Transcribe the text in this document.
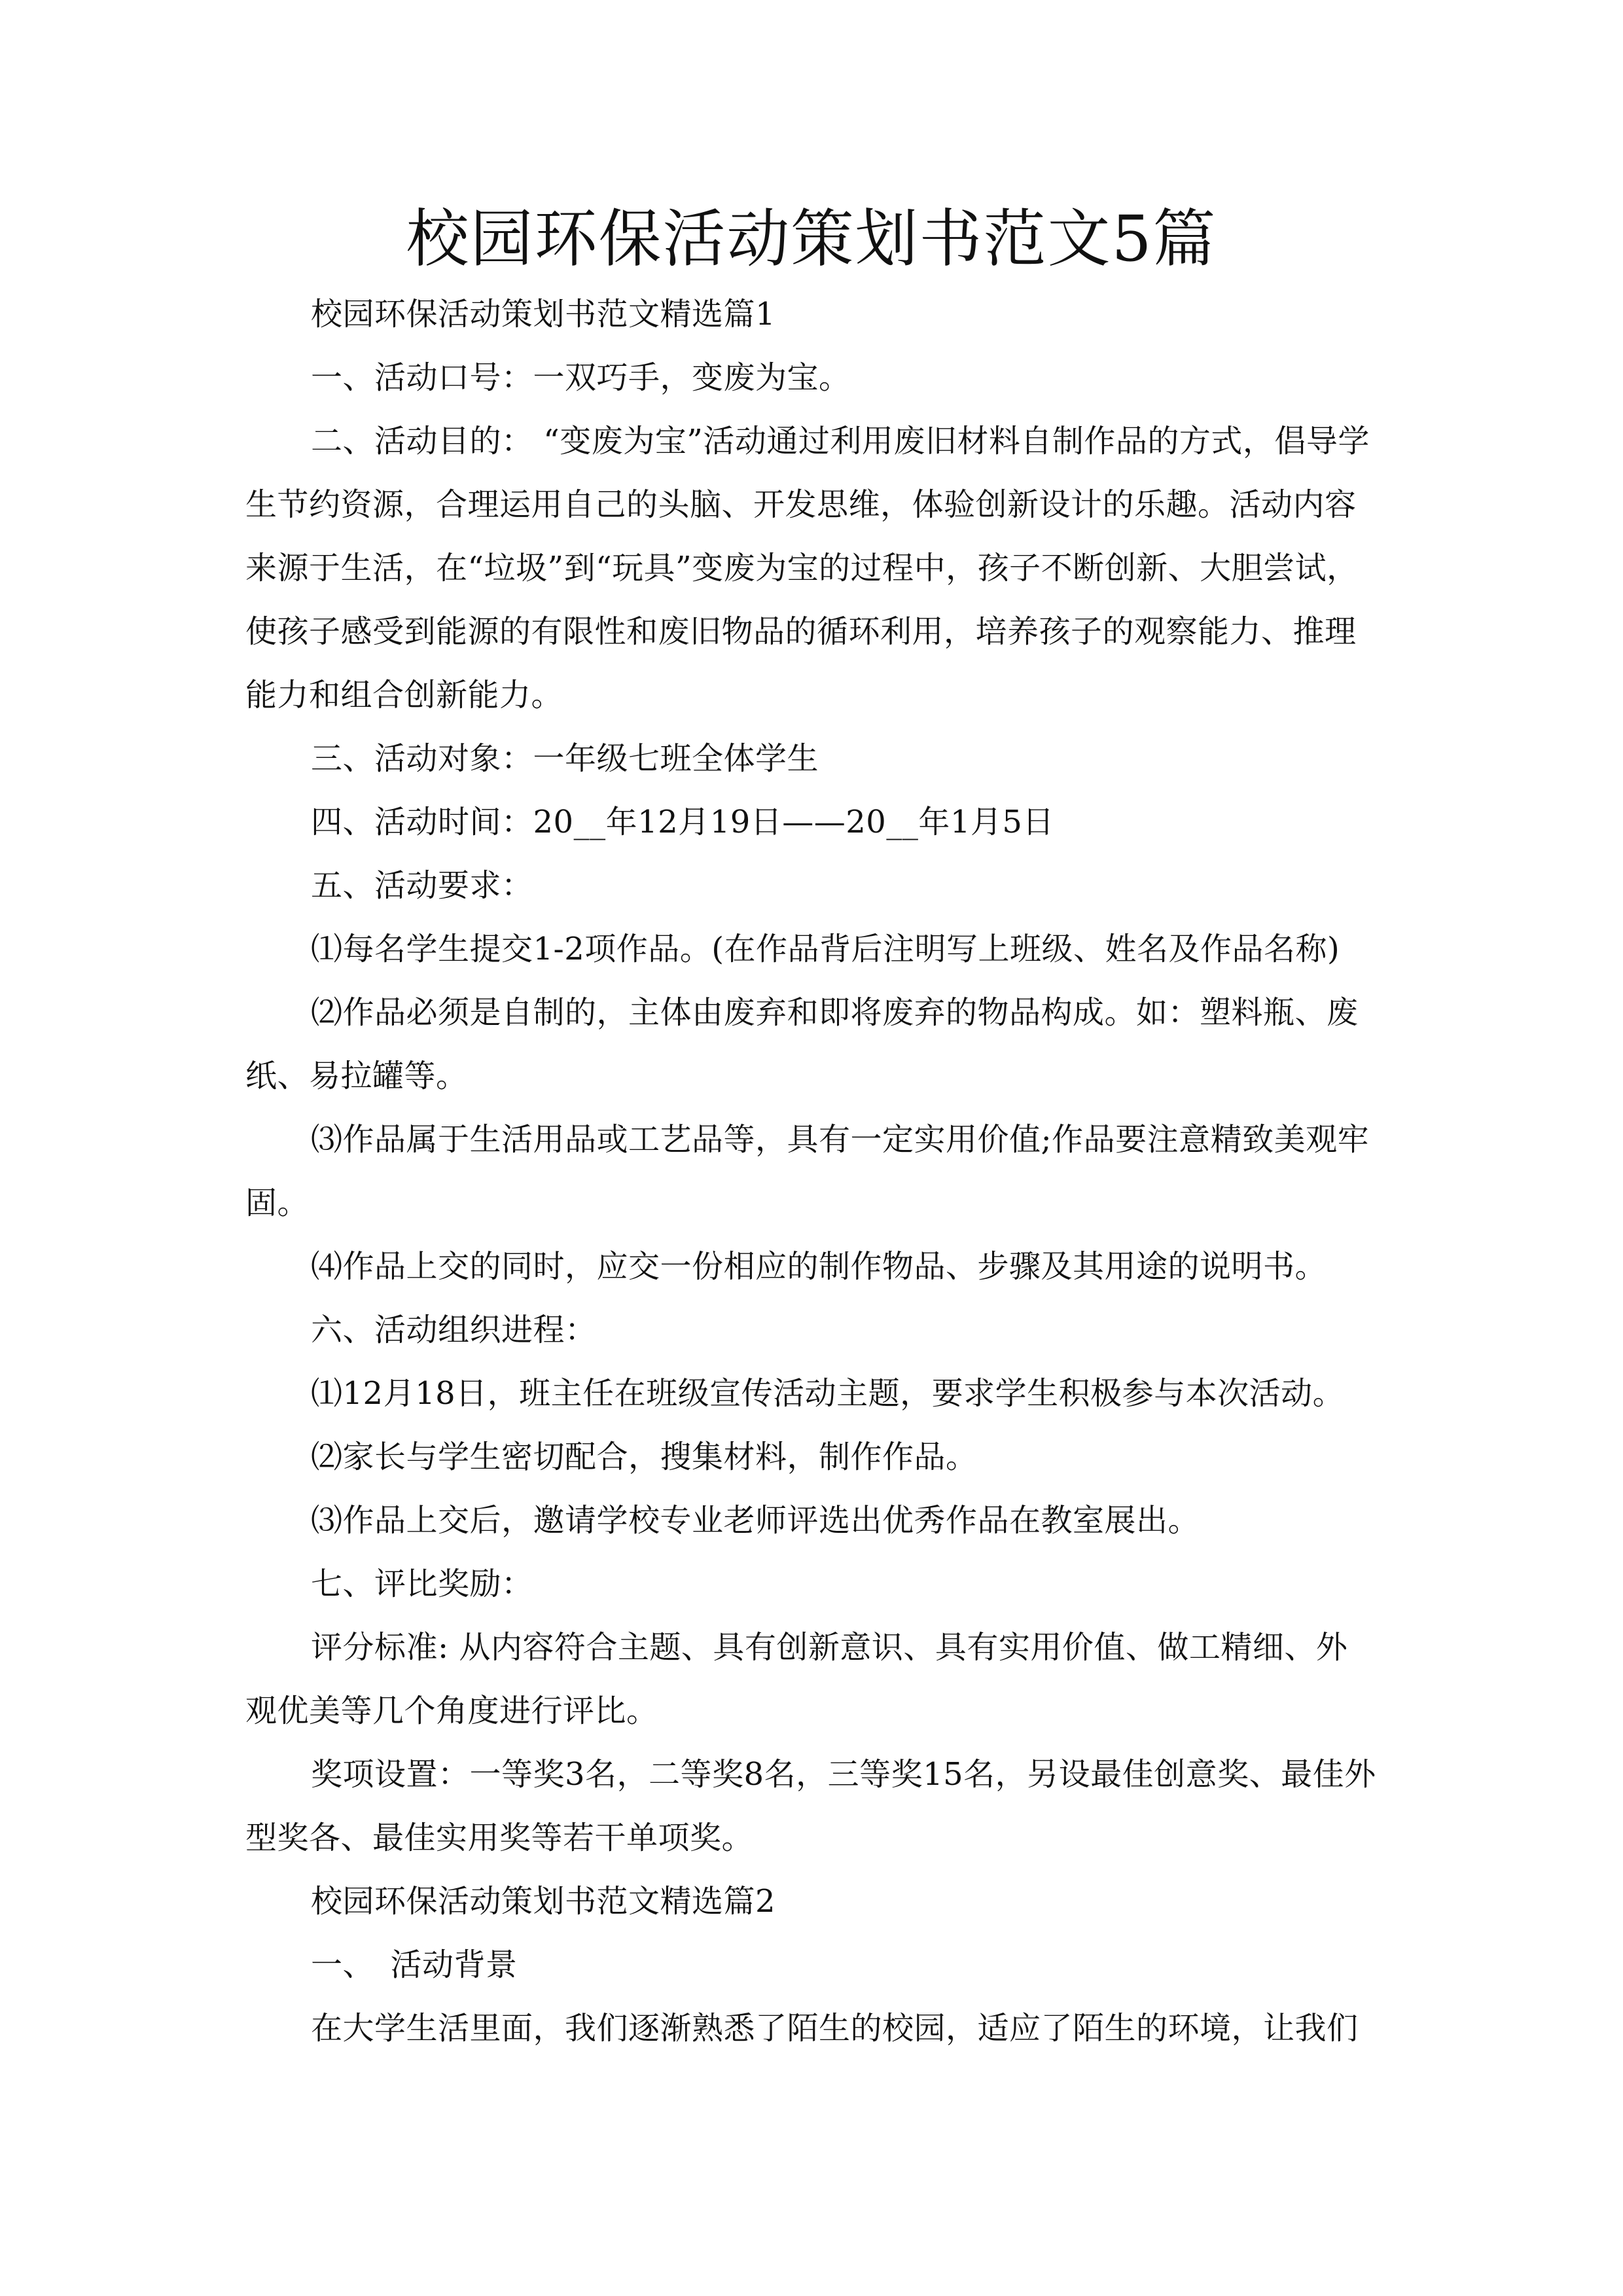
校园环保活动策划书范文5篇

校园环保活动策划书范文精选篇1

一、活动口号：一双巧手，变废为宝。

二、活动目的： “变废为宝”活动通过利用废旧材料自制作品的方式，倡导学生节约资源，合理运用自己的头脑、开发思维，体验创新设计的乐趣。活动内容来源于生活，在“垃圾”到“玩具”变废为宝的过程中，孩子不断创新、大胆尝试，使孩子感受到能源的有限性和废旧物品的循环利用，培养孩子的观察能力、推理能力和组合创新能力。

三、活动对象：一年级七班全体学生

四、活动时间：20__年12月19日——20__年1月5日

五、活动要求：

⑴每名学生提交1-2项作品。(在作品背后注明写上班级、姓名及作品名称)

⑵作品必须是自制的，主体由废弃和即将废弃的物品构成。如：塑料瓶、废纸、易拉罐等。

⑶作品属于生活用品或工艺品等，具有一定实用价值;作品要注意精致美观牢固。

⑷作品上交的同时，应交一份相应的制作物品、步骤及其用途的说明书。

六、活动组织进程：

⑴12月18日，班主任在班级宣传活动主题，要求学生积极参与本次活动。

⑵家长与学生密切配合，搜集材料，制作作品。

⑶作品上交后，邀请学校专业老师评选出优秀作品在教室展出。

七、评比奖励：

评分标准: 从内容符合主题、具有创新意识、具有实用价值、做工精细、外观优美等几个角度进行评比。

奖项设置：一等奖3名，二等奖8名，三等奖15名，另设最佳创意奖、最佳外型奖各、最佳实用奖等若干单项奖。

校园环保活动策划书范文精选篇2

一、　活动背景

在大学生活里面，我们逐渐熟悉了陌生的校园，适应了陌生的环境，让我们
